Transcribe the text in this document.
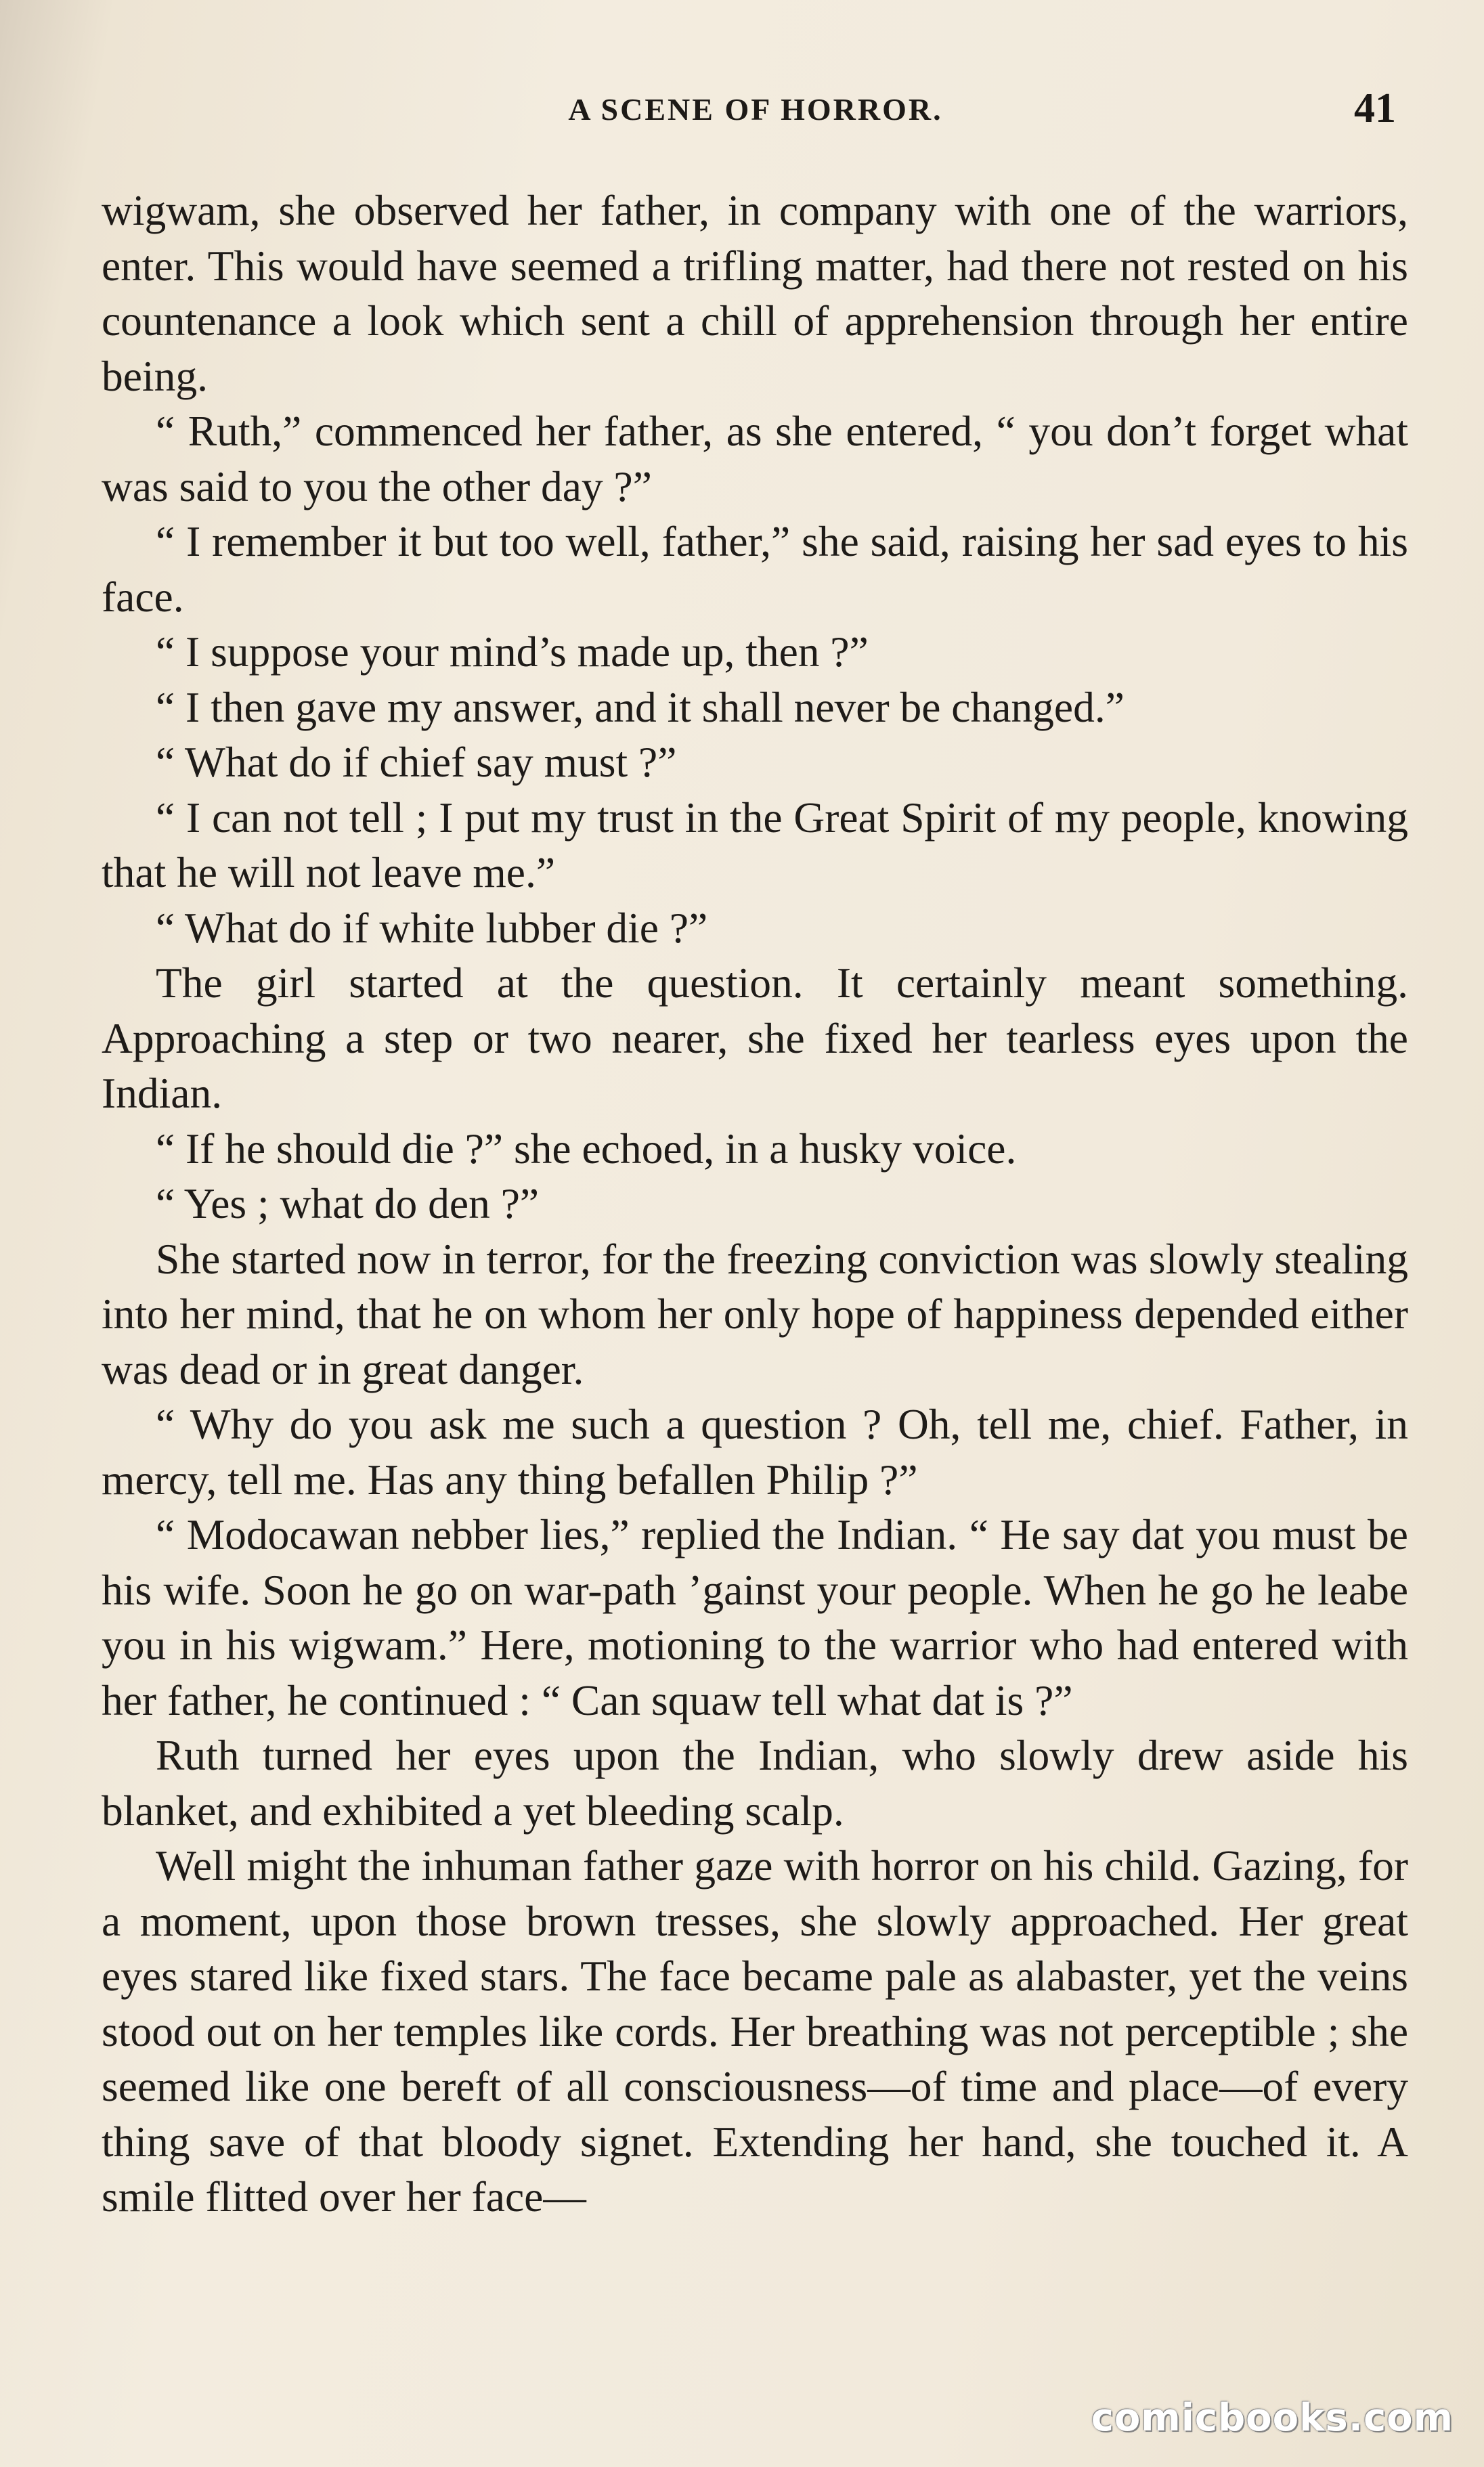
A SCENE OF HORROR.	41

wigwam, she observed her father, in company with one of the warriors, enter. This would have seemed a trifling matter, had there not rested on his countenance a look which sent a chill of apprehension through her entire being.

“ Ruth,” commenced her father, as she entered, “ you don’t forget what was said to you the other day ?”

“ I remember it but too well, father,” she said, raising her sad eyes to his face.

“ I suppose your mind’s made up, then ?”

“ I then gave my answer, and it shall never be changed.”

“ What do if chief say must ?”

“ I can not tell ; I put my trust in the Great Spirit of my people, knowing that he will not leave me.”

“ What do if white lubber die ?”

The girl started at the question. It certainly meant something. Approaching a step or two nearer, she fixed her tearless eyes upon the Indian.

“ If he should die ?” she echoed, in a husky voice.

“ Yes ; what do den ?”

She started now in terror, for the freezing conviction was slowly stealing into her mind, that he on whom her only hope of happiness depended either was dead or in great danger.

“ Why do you ask me such a question ? Oh, tell me, chief. Father, in mercy, tell me. Has any thing befallen Philip ?”

“ Modocawan nebber lies,” replied the Indian. “ He say dat you must be his wife. Soon he go on war-path ’gainst your people. When he go he leabe you in his wigwam.” Here, motioning to the warrior who had entered with her father, he continued : “ Can squaw tell what dat is ?”

Ruth turned her eyes upon the Indian, who slowly drew aside his blanket, and exhibited a yet bleeding scalp.

Well might the inhuman father gaze with horror on his child. Gazing, for a moment, upon those brown tresses, she slowly approached. Her great eyes stared like fixed stars. The face became pale as alabaster, yet the veins stood out on her temples like cords. Her breathing was not perceptible ; she seemed like one bereft of all consciousness—of time and place—of every thing save of that bloody signet. Extending her hand, she touched it. A smile flitted over her face—

comicbooks.com
